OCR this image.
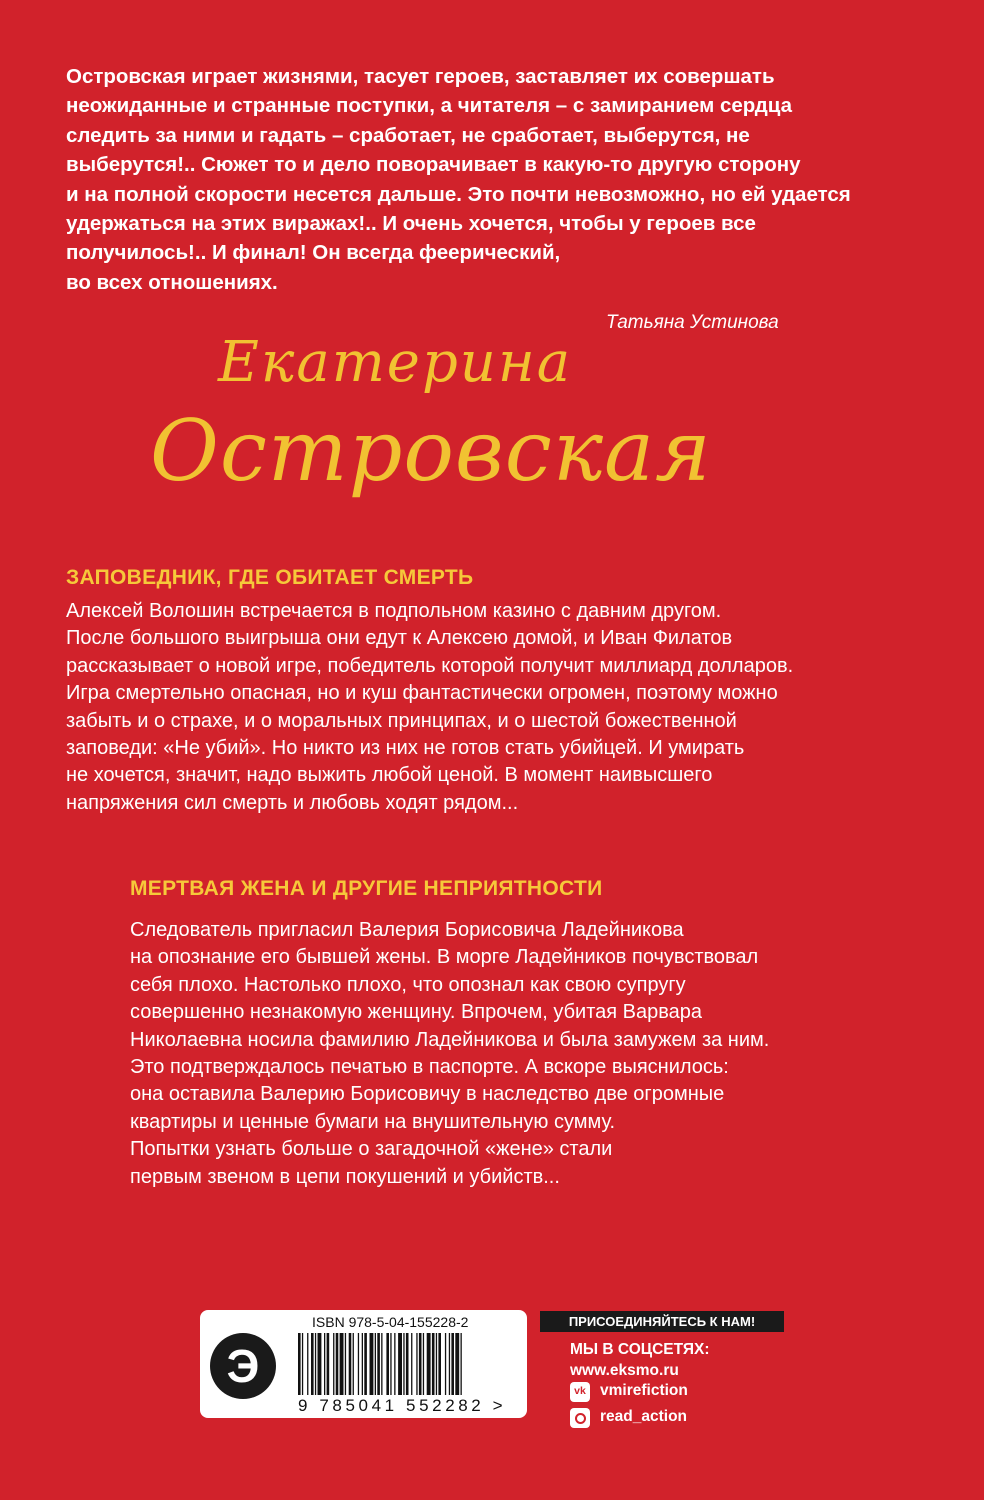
Островская играет жизнями, тасует героев, заставляет их совершать
неожиданные и странные поступки, а читателя – с замиранием сердца
следить за ними и гадать – сработает, не сработает, выберутся, не
выберутся!.. Сюжет то и дело поворачивает в какую-то другую сторону
и на полной скорости несется дальше. Это почти невозможно, но ей удается
удержаться на этих виражах!.. И очень хочется, чтобы у героев все
получилось!.. И финал! Он всегда феерический,
во всех отношениях.
Татьяна Устинова
Екатерина
Островская
ЗАПОВЕДНИК, ГДЕ ОБИТАЕТ СМЕРТЬ
Алексей Волошин встречается в подпольном казино с давним другом.
После большого выигрыша они едут к Алексею домой, и Иван Филатов
рассказывает о новой игре, победитель которой получит миллиард долларов.
Игра смертельно опасная, но и куш фантастически огромен, поэтому можно
забыть и о страхе, и о моральных принципах, и о шестой божественной
заповеди: «Не убий». Но никто из них не готов стать убийцей. И умирать
не хочется, значит, надо выжить любой ценой. В момент наивысшего
напряжения сил смерть и любовь ходят рядом...
МЕРТВАЯ ЖЕНА И ДРУГИЕ НЕПРИЯТНОСТИ
Следователь пригласил Валерия Борисовича Ладейникова
на опознание его бывшей жены. В морге Ладейников почувствовал
себя плохо. Настолько плохо, что опознал как свою супругу
совершенно незнакомую женщину. Впрочем, убитая Варвара
Николаевна носила фамилию Ладейникова и была замужем за ним.
Это подтверждалось печатью в паспорте. А вскоре выяснилось:
она оставила Валерию Борисовичу в наследство две огромные
квартиры и ценные бумаги на внушительную сумму.
Попытки узнать больше о загадочной «жене» стали
первым звеном в цепи покушений и убийств...
Э
ISBN 978-5-04-155228-2
9 785041 552282 >
ПРИСОЕДИНЯЙТЕСЬ К НАМ!
МЫ В СОЦСЕТЯХ:
www.eksmo.ru
vk vmirefiction
read_action
